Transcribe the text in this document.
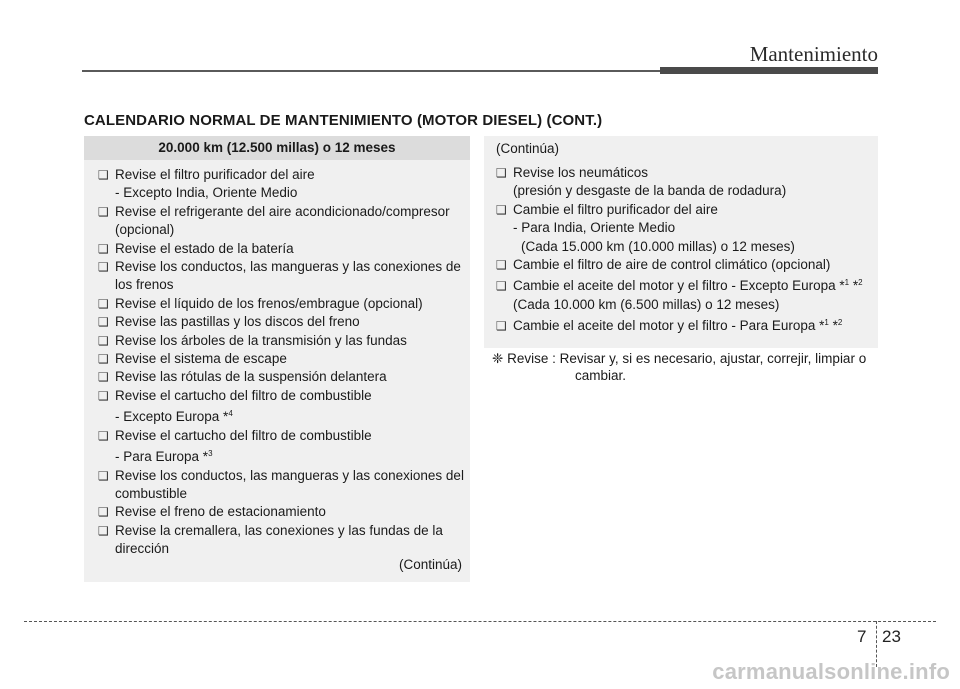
Mantenimiento
CALENDARIO NORMAL DE MANTENIMIENTO (MOTOR DIESEL) (CONT.)
20.000 km (12.500 millas) o 12 meses
❑ Revise el filtro purificador del aire
- Excepto India, Oriente Medio
❑ Revise el refrigerante del aire acondicionado/compresor
(opcional)
❑ Revise el estado de la batería
❑ Revise los conductos, las mangueras y las conexiones de
los frenos
❑ Revise el líquido de los frenos/embrague (opcional)
❑ Revise las pastillas y los discos del freno
❑ Revise los árboles de la transmisión y las fundas
❑ Revise el sistema de escape
❑ Revise las rótulas de la suspensión delantera
❑ Revise el cartucho del filtro de combustible
- Excepto Europa *$^4$
❑ Revise el cartucho del filtro de combustible
- Para Europa *$^3$
❑ Revise los conductos, las mangueras y las conexiones del
combustible
❑ Revise el freno de estacionamiento
❑ Revise la cremallera, las conexiones y las fundas de la
dirección
(Continúa)
(Continúa)
❑ Revise los neumáticos
(presión y desgaste de la banda de rodadura)
❑ Cambie el filtro purificador del aire
- Para India, Oriente Medio
(Cada 15.000 km (10.000 millas) o 12 meses)
❑ Cambie el filtro de aire de control climático (opcional)
❑ Cambie el aceite del motor y el filtro - Excepto Europa *$^1$ *$^2$
(Cada 10.000 km (6.500 millas) o 12 meses)
❑ Cambie el aceite del motor y el filtro - Para Europa *$^1$ *$^2$
❈ Revise : Revisar y, si es necesario, ajustar, correjir, limpiar o
cambiar.
7 23
carmanualsonline.info
